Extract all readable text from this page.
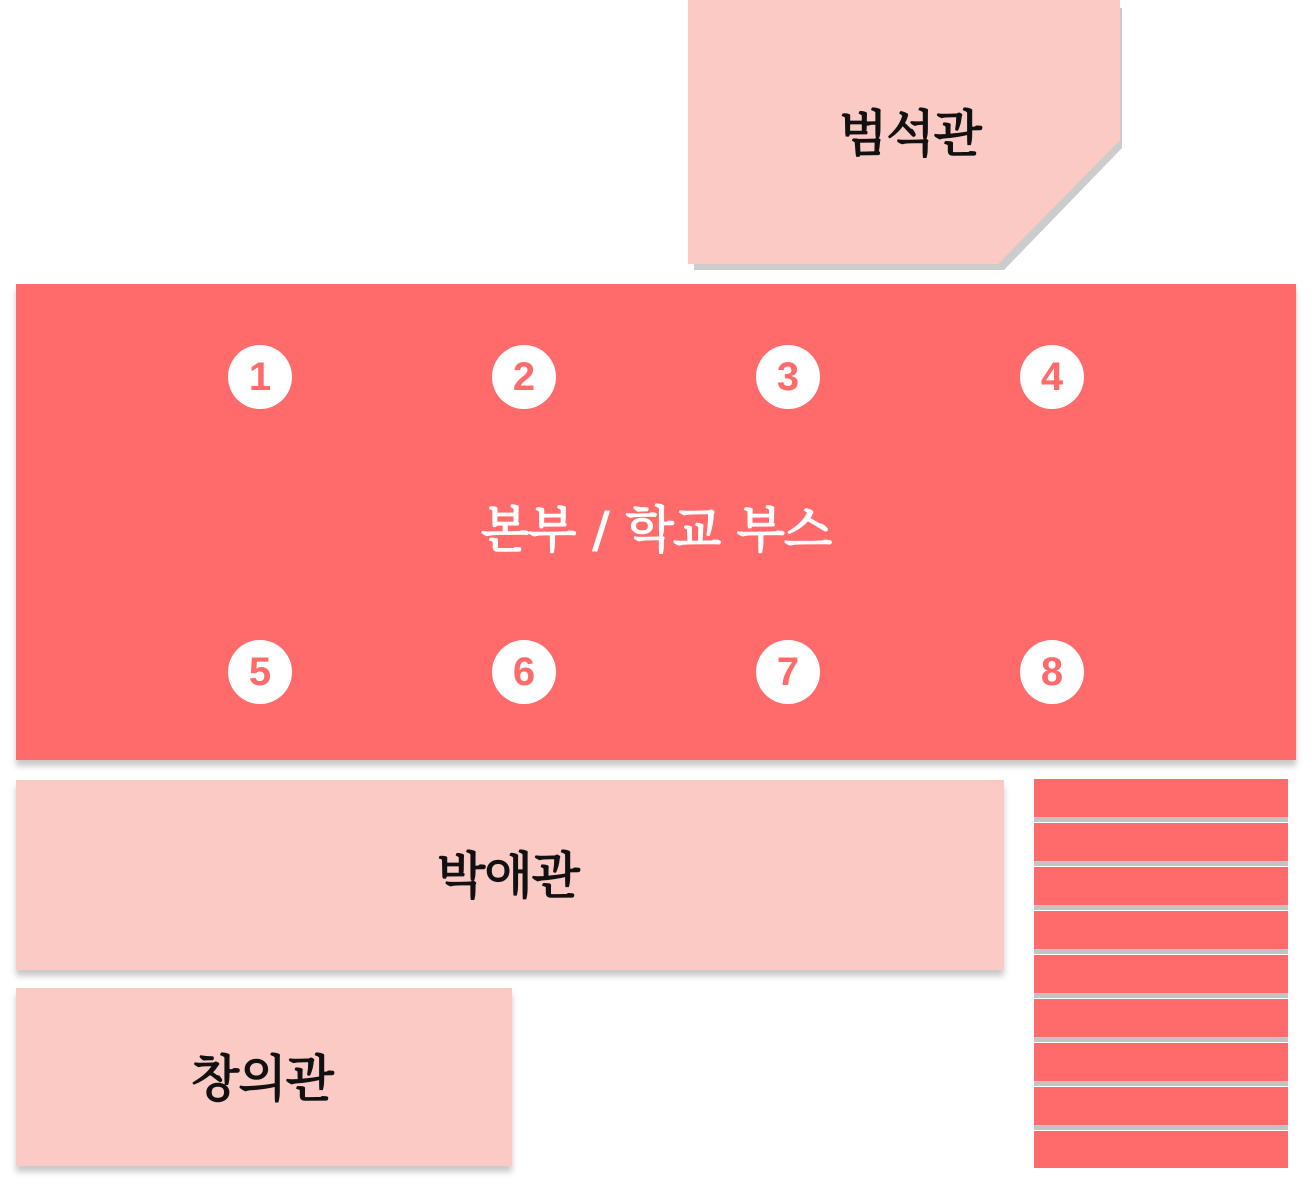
범석관
본부 / 학교 부스
1	2	3	4
5	6	7	8
박애관
창의관
